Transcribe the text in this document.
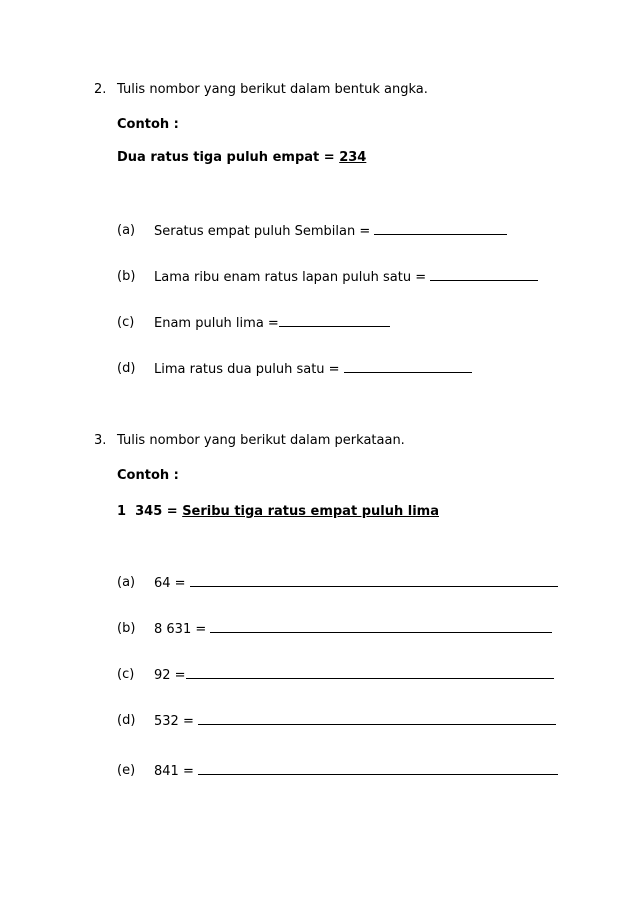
2. Tulis nombor yang berikut dalam bentuk angka.
Contoh :
Dua ratus tiga puluh empat = 234
(a) Seratus empat puluh Sembilan =
(b) Lama ribu enam ratus lapan puluh satu =
(c) Enam puluh lima =
(d) Lima ratus dua puluh satu =
3. Tulis nombor yang berikut dalam perkataan.
Contoh :
1  345 = Seribu tiga ratus empat puluh lima
(a) 64 =
(b) 8 631 =
(c) 92 =
(d) 532 =
(e) 841 =
